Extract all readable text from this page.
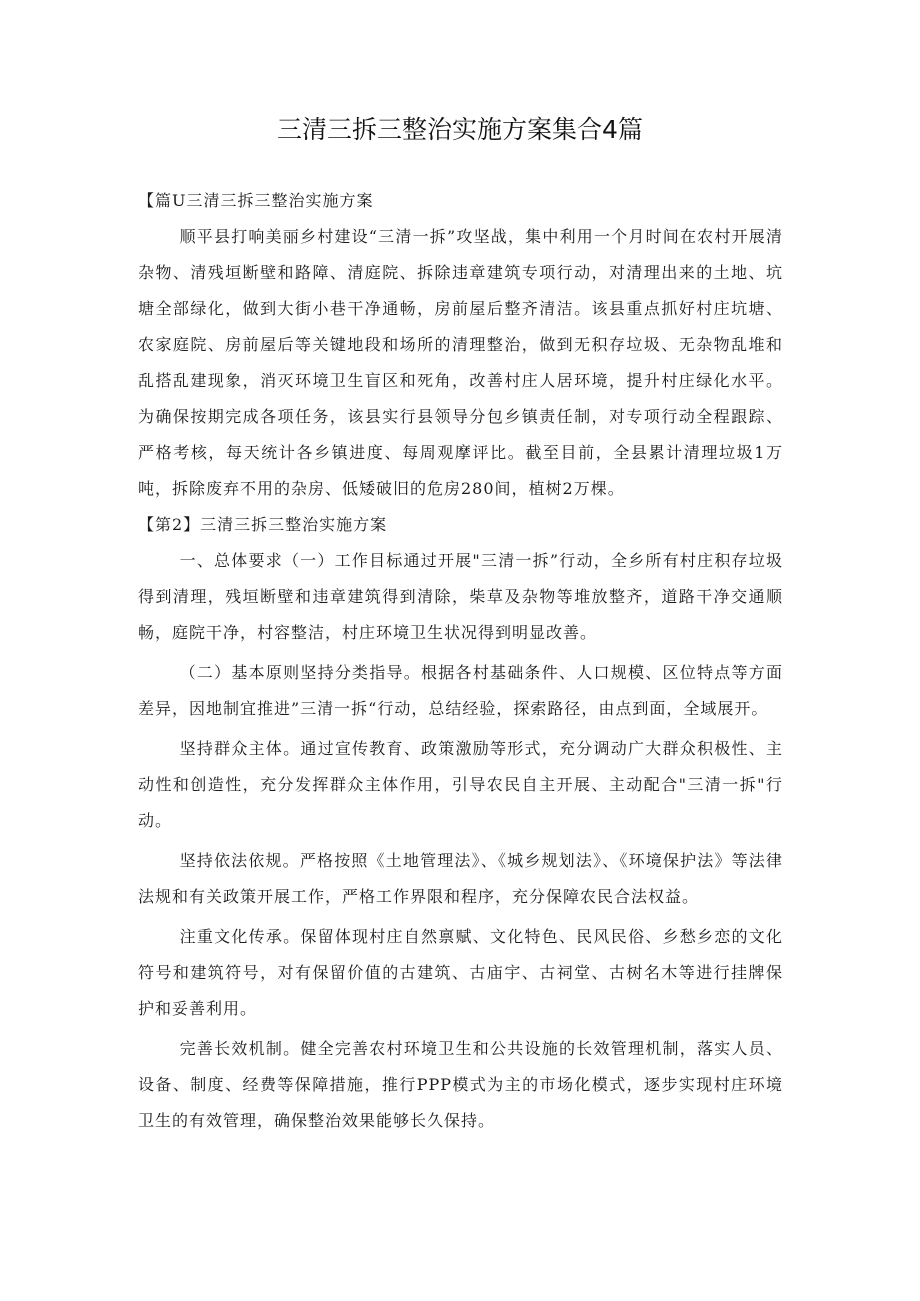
三清三拆三整治实施方案集合4篇

【篇U三清三拆三整治实施方案

顺平县打响美丽乡村建设“三清一拆”攻坚战，集中利用一个月时间在农村开展清杂物、清残垣断壁和路障、清庭院、拆除违章建筑专项行动，对清理出来的土地、坑塘全部绿化，做到大街小巷干净通畅，房前屋后整齐清洁。该县重点抓好村庄坑塘、农家庭院、房前屋后等关键地段和场所的清理整治，做到无积存垃圾、无杂物乱堆和乱搭乱建现象，消灭环境卫生盲区和死角，改善村庄人居环境，提升村庄绿化水平。为确保按期完成各项任务，该县实行县领导分包乡镇责任制，对专项行动全程跟踪、严格考核，每天统计各乡镇进度、每周观摩评比。截至目前，全县累计清理垃圾1万吨，拆除废弃不用的杂房、低矮破旧的危房280间，植树2万棵。

【第2】三清三拆三整治实施方案

一、总体要求（一）工作目标通过开展"三清一拆”行动，全乡所有村庄积存垃圾得到清理，残垣断壁和违章建筑得到清除，柴草及杂物等堆放整齐，道路干净交通顺畅，庭院干净，村容整洁，村庄环境卫生状况得到明显改善。

（二）基本原则坚持分类指导。根据各村基础条件、人口规模、区位特点等方面差异，因地制宜推进”三清一拆“行动，总结经验，探索路径，由点到面，全域展开。

坚持群众主体。通过宣传教育、政策激励等形式，充分调动广大群众积极性、主动性和创造性，充分发挥群众主体作用，引导农民自主开展、主动配合"三清一拆"行动。

坚持依法依规。严格按照《土地管理法》、《城乡规划法》、《环境保护法》等法律法规和有关政策开展工作，严格工作界限和程序，充分保障农民合法权益。

注重文化传承。保留体现村庄自然禀赋、文化特色、民风民俗、乡愁乡恋的文化符号和建筑符号，对有保留价值的古建筑、古庙宇、古祠堂、古树名木等进行挂牌保护和妥善利用。

完善长效机制。健全完善农村环境卫生和公共设施的长效管理机制，落实人员、设备、制度、经费等保障措施，推行PPP模式为主的市场化模式，逐步实现村庄环境卫生的有效管理，确保整治效果能够长久保持。
